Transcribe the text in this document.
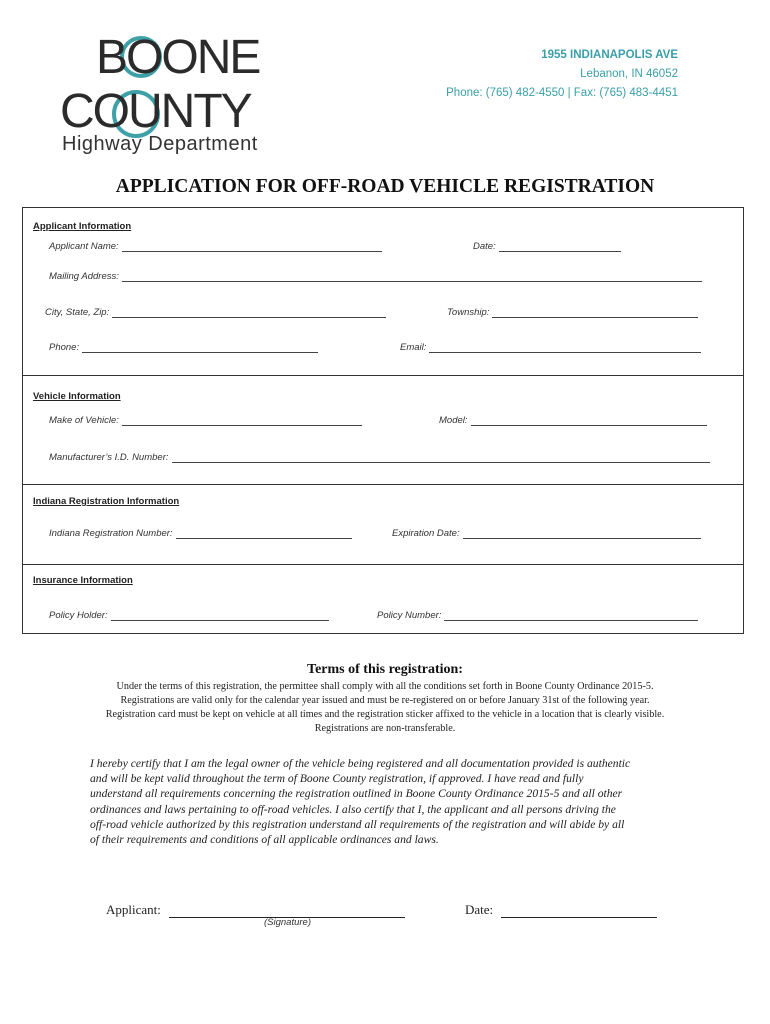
BOONE
COUNTY
Highway Department
1955 INDIANAPOLIS AVE
Lebanon, IN 46052
Phone: (765) 482-4550 | Fax: (765) 483-4451
APPLICATION FOR OFF-ROAD VEHICLE REGISTRATION
Applicant Information
Applicant Name:	Date:
Mailing Address:
City, State, Zip:	Township:
Phone:	Email:
Vehicle Information
Make of Vehicle:	Model:
Manufacturer’s I.D. Number:
Indiana Registration Information
Indiana Registration Number:	Expiration Date:
Insurance Information
Policy Holder:	Policy Number:
Terms of this registration:
Under the terms of this registration, the permittee shall comply with all the conditions set forth in Boone County Ordinance 2015-5.
Registrations are valid only for the calendar year issued and must be re-registered on or before January 31st of the following year.
Registration card must be kept on vehicle at all times and the registration sticker affixed to the vehicle in a location that is clearly visible.
Registrations are non-transferable.
I hereby certify that I am the legal owner of the vehicle being registered and all documentation provided is authentic
and will be kept valid throughout the term of Boone County registration, if approved. I have read and fully
understand all requirements concerning the registration outlined in Boone County Ordinance 2015-5 and all other
ordinances and laws pertaining to off-road vehicles. I also certify that I, the applicant and all persons driving the
off-road vehicle authorized by this registration understand all requirements of the registration and will abide by all
of their requirements and conditions of all applicable ordinances and laws.
Applicant:
(Signature)
Date:
